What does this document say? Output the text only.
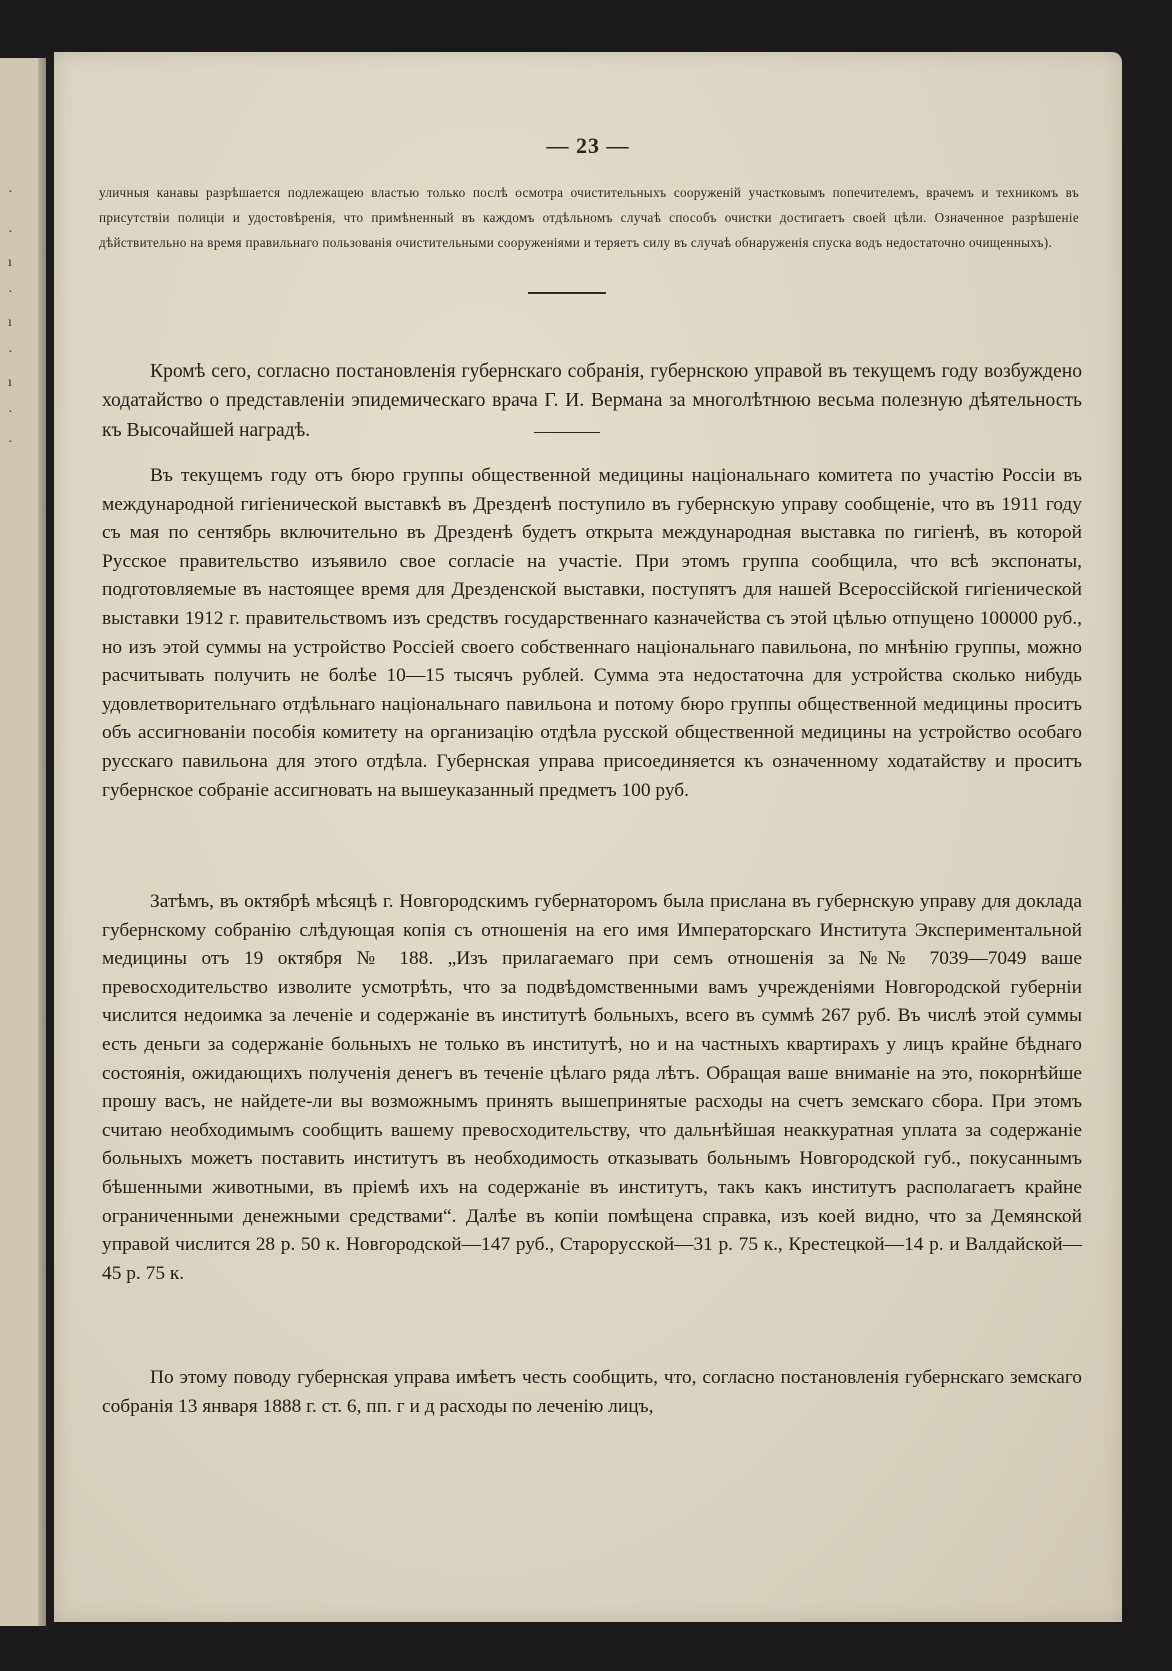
·
·
ı
·
ı
·
ı
·
·
— 23 —
уличныя канавы разрѣшается подлежащею властью только послѣ осмотра очистительныхъ сооруженій участковымъ попечителемъ, врачемъ и техникомъ въ присутствіи полиціи и удостовѣренія, что примѣненный въ каждомъ отдѣльномъ случаѣ способъ очистки достигаетъ своей цѣли. Означенное разрѣшеніе дѣйствительно на время правильнаго пользованія очистительными сооруженіями и теряетъ силу въ случаѣ обнаруженія спуска водъ недостаточно очищенныхъ).

Кромѣ сего, согласно постановленія губернскаго собранія, губернскою управой въ текущемъ году возбуждено ходатайство о представленіи эпидемическаго врача Г. И. Вермана за многолѣтнюю весьма полезную дѣятельность къ Высочайшей наградѣ.

Въ текущемъ году отъ бюро группы общественной медицины національнаго комитета по участію Россіи въ международной гигіенической выставкѣ въ Дрезденѣ поступило въ губернскую управу сообщеніе, что въ 1911 году съ мая по сентябрь включительно въ Дрезденѣ будетъ открыта международная выставка по гигіенѣ, въ которой Русское правительство изъявило свое согласіе на участіе. При этомъ группа сообщила, что всѣ экспонаты, подготовляемые въ настоящее время для Дрезденской выставки, поступятъ для нашей Всероссійской гигіенической выставки 1912 г. правительствомъ изъ средствъ государственнаго казначейства съ этой цѣлью отпущено 100000 руб., но изъ этой суммы на устройство Россіей своего собственнаго національнаго павильона, по мнѣнію группы, можно расчитывать получить не болѣе 10—15 тысячъ рублей. Сумма эта недостаточна для устройства сколько нибудь удовлетворительнаго отдѣльнаго національнаго павильона и потому бюро группы общественной медицины проситъ объ ассигнованіи пособія комитету на организацію отдѣла русской общественной медицины на устройство особаго русскаго павильона для этого отдѣла. Губернская управа присоединяется къ означенному ходатайству и проситъ губернское собраніе ассигновать на вышеуказанный предметъ 100 руб.

Затѣмъ, въ октябрѣ мѣсяцѣ г. Новгородскимъ губернаторомъ была прислана въ губернскую управу для доклада губернскому собранію слѣдующая копія съ отношенія на его имя Императорскаго Института Экспериментальной медицины отъ 19 октября № 188. „Изъ прилагаемаго при семъ отношенія за №№ 7039—7049 ваше превосходительство изволите усмотрѣть, что за подвѣдомственными вамъ учрежденіями Новгородской губерніи числится недоимка за леченіе и содержаніе въ институтѣ больныхъ, всего въ суммѣ 267 руб. Въ числѣ этой суммы есть деньги за содержаніе больныхъ не только въ институтѣ, но и на частныхъ квартирахъ у лицъ крайне бѣднаго состоянія, ожидающихъ полученія денегъ въ теченіе цѣлаго ряда лѣтъ. Обращая ваше вниманіе на это, покорнѣйше прошу васъ, не найдете-ли вы возможнымъ принять вышепринятые расходы на счетъ земскаго сбора. При этомъ считаю необходимымъ сообщить вашему превосходительству, что дальнѣйшая неаккуратная уплата за содержаніе больныхъ можетъ поставить институтъ въ необходимость отказывать больнымъ Новгородской губ., покусаннымъ бѣшенными животными, въ пріемѣ ихъ на содержаніе въ институтъ, такъ какъ институтъ располагаетъ крайне ограниченными денежными средствами“. Далѣе въ копіи помѣщена справка, изъ коей видно, что за Демянской управой числится 28 р. 50 к. Новгородской—147 руб., Старорусской—31 р. 75 к., Крестецкой—14 р. и Валдайской—45 р. 75 к.

По этому поводу губернская управа имѣетъ честь сообщить, что, согласно постановленія губернскаго земскаго собранія 13 января 1888 г. ст. 6, пп. г и д расходы по леченію лицъ,
